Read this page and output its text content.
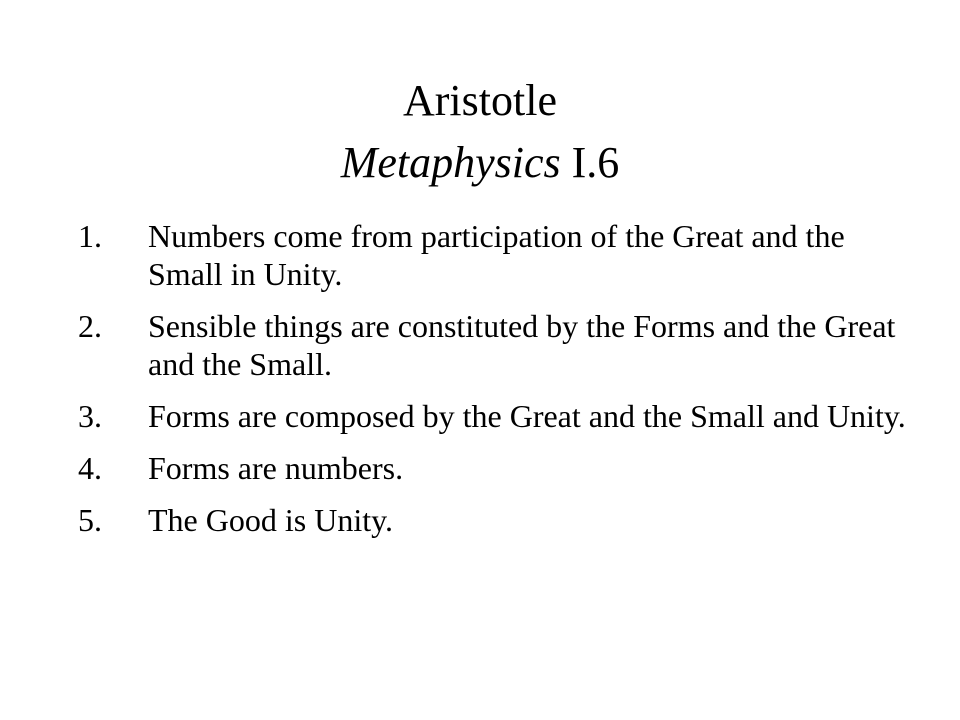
Aristotle
Metaphysics I.6
1.	Numbers come from participation of the Great and the Small in Unity.
2.	Sensible things are constituted by the Forms and the Great and the Small.
3.	Forms are composed by the Great and the Small and Unity.
4.	Forms are numbers.
5.	The Good is Unity.
